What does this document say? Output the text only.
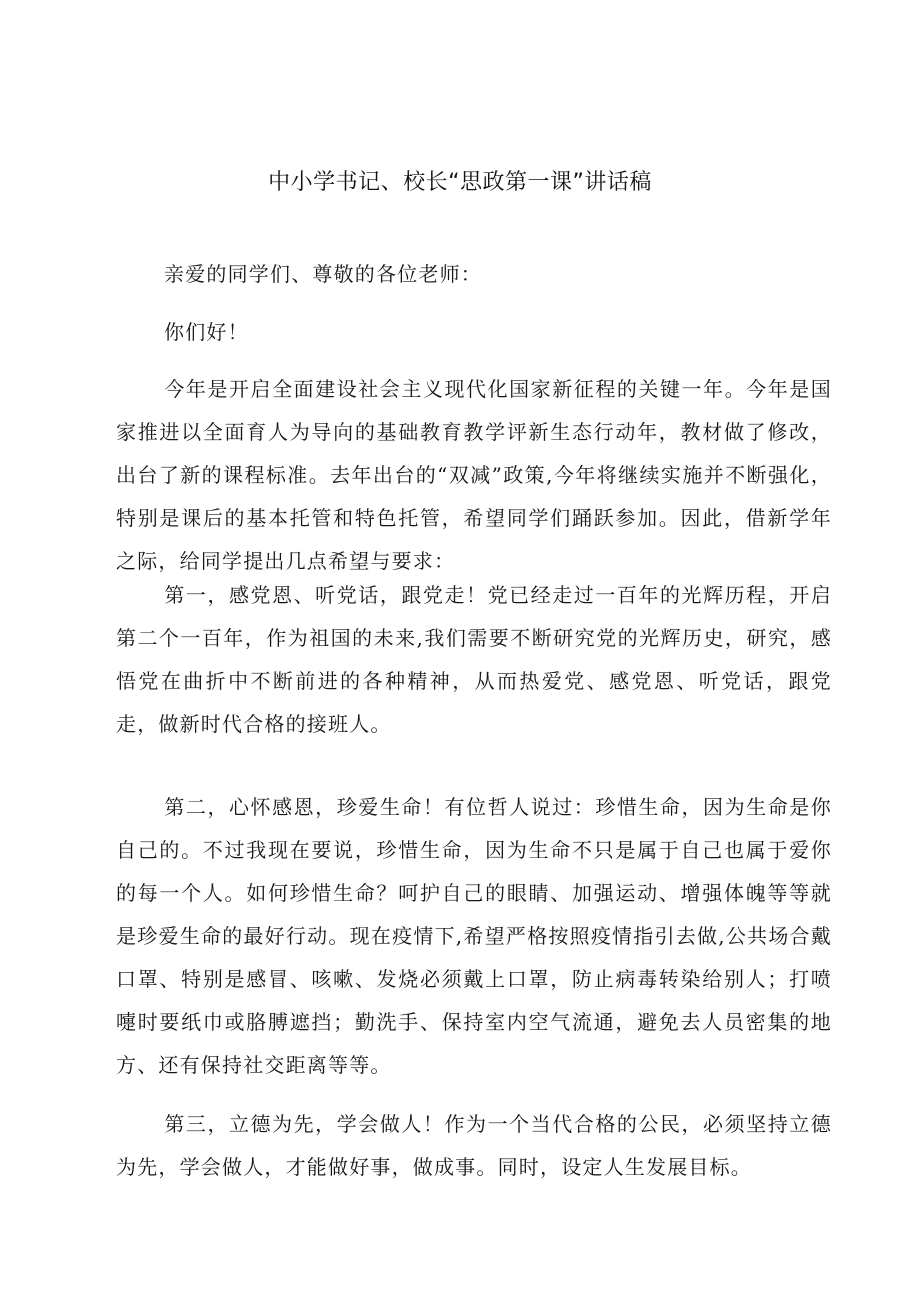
中小学书记、校长“思政第一课”讲话稿

亲爱的同学们、尊敬的各位老师：

你们好！

今年是开启全面建设社会主义现代化国家新征程的关键一年。今年是国家推进以全面育人为导向的基础教育教学评新生态行动年，教材做了修改，出台了新的课程标准。去年出台的“双减”政策,今年将继续实施并不断强化，特别是课后的基本托管和特色托管，希望同学们踊跃参加。因此，借新学年之际，给同学提出几点希望与要求：

第一，感党恩、听党话，跟党走！党已经走过一百年的光辉历程，开启第二个一百年，作为祖国的未来,我们需要不断研究党的光辉历史，研究，感悟党在曲折中不断前进的各种精神，从而热爱党、感党恩、听党话，跟党走，做新时代合格的接班人。

第二，心怀感恩，珍爱生命！有位哲人说过：珍惜生命，因为生命是你自己的。不过我现在要说，珍惜生命，因为生命不只是属于自己也属于爱你的每一个人。如何珍惜生命？呵护自己的眼睛、加强运动、增强体魄等等就是珍爱生命的最好行动。现在疫情下,希望严格按照疫情指引去做,公共场合戴口罩、特别是感冒、咳嗽、发烧必须戴上口罩，防止病毒转染给别人；打喷嚏时要纸巾或胳膊遮挡；勤洗手、保持室内空气流通，避免去人员密集的地方、还有保持社交距离等等。

第三，立德为先，学会做人！作为一个当代合格的公民，必须坚持立德为先，学会做人，才能做好事，做成事。同时，设定人生发展目标。
